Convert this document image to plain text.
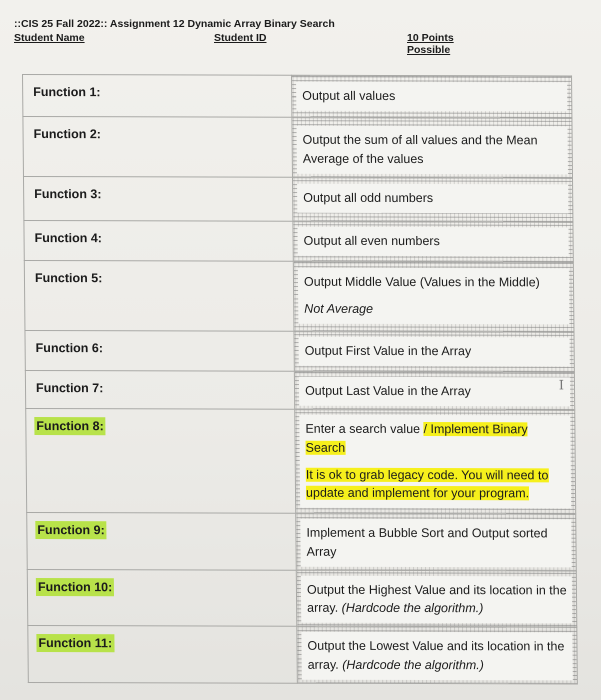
::CIS 25 Fall 2022:: Assignment 12 Dynamic Array Binary Search
Student Name	Student ID	10 Points Possible
Function 1:	Output all values

Function 2:	Output the sum of all values and the Mean Average of the values

Function 3:	Output all odd numbers

Function 4:	Output all even numbers

Function 5:	Output Middle Value (Values in the Middle)

Not Average

Function 6:	Output First Value in the Array

Function 7:	Output Last Value in the Array I

Function 8:	Enter a search value / Implement Binary Search

It is ok to grab legacy code. You will need to update and implement for your program.

Function 9:	Implement a Bubble Sort and Output sorted Array

Function 10:	Output the Highest Value and its location in the array. (Hardcode the algorithm.)

Function 11:	Output the Lowest Value and its location in the array. (Hardcode the algorithm.)
